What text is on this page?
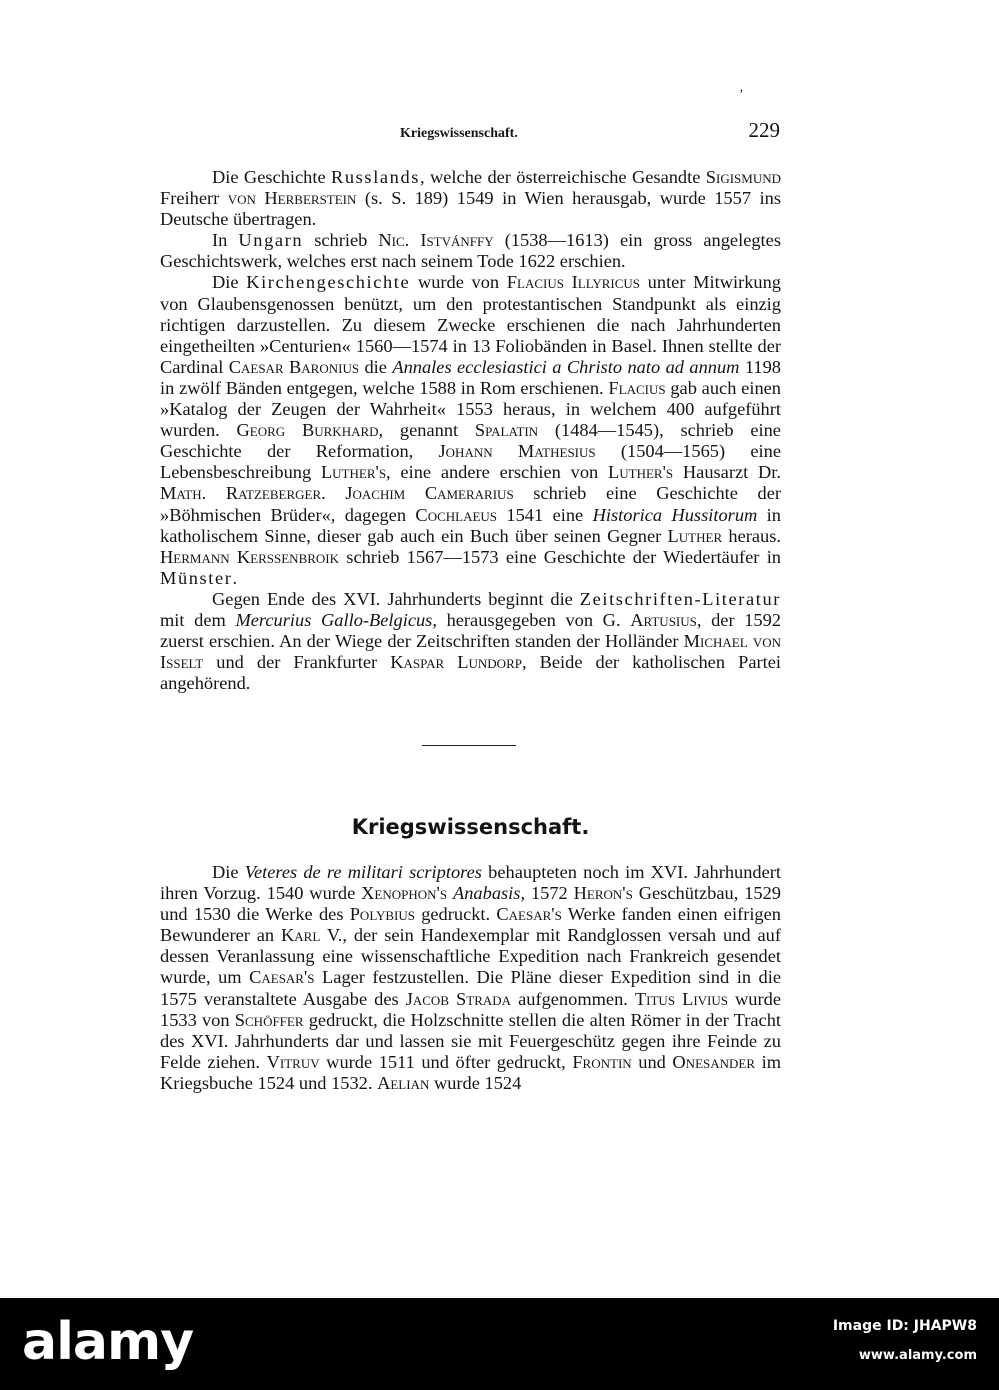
‚
Kriegswissenschaft.	229

Die Geschichte Russlands, welche der österreichische Gesandte Sigismund Freiherr von Herberstein (s. S. 189) 1549 in Wien herausgab, wurde 1557 ins Deutsche übertragen.

In Ungarn schrieb Nic. Istvánffy (1538—1613) ein gross angelegtes Geschichtswerk, welches erst nach seinem Tode 1622 erschien.

Die Kirchengeschichte wurde von Flacius Illyricus unter Mitwirkung von Glaubensgenossen benützt, um den protestantischen Standpunkt als einzig richtigen darzustellen. Zu diesem Zwecke erschienen die nach Jahrhunderten eingetheilten »Centurien« 1560—1574 in 13 Foliobänden in Basel. Ihnen stellte der Cardinal Caesar Baronius die Annales ecclesiastici a Christo nato ad annum 1198 in zwölf Bänden entgegen, welche 1588 in Rom erschienen. Flacius gab auch einen »Katalog der Zeugen der Wahrheit« 1553 heraus, in welchem 400 aufgeführt wurden. Georg Burkhard, genannt Spalatin (1484—1545), schrieb eine Geschichte der Reformation, Johann Mathesius (1504—1565) eine Lebensbeschreibung Luther's, eine andere erschien von Luther's Hausarzt Dr. Math. Ratzeberger. Joachim Camerarius schrieb eine Geschichte der »Böhmischen Brüder«, dagegen Cochlaeus 1541 eine Historica Hussitorum in katholischem Sinne, dieser gab auch ein Buch über seinen Gegner Luther heraus. Hermann Kerssenbroik schrieb 1567—1573 eine Geschichte der Wiedertäufer in Münster.

Gegen Ende des XVI. Jahrhunderts beginnt die Zeitschriften-Literatur mit dem Mercurius Gallo-Belgicus, herausgegeben von G. Artusius, der 1592 zuerst erschien. An der Wiege der Zeitschriften standen der Holländer Michael von Isselt und der Frankfurter Kaspar Lundorp, Beide der katholischen Partei angehörend.

Kriegswissenschaft.

Die Veteres de re militari scriptores behaupteten noch im XVI. Jahrhundert ihren Vorzug. 1540 wurde Xenophon's Anabasis, 1572 Heron's Geschützbau, 1529 und 1530 die Werke des Polybius gedruckt. Caesar's Werke fanden einen eifrigen Bewunderer an Karl V., der sein Handexemplar mit Randglossen versah und auf dessen Veranlassung eine wissenschaftliche Expedition nach Frankreich gesendet wurde, um Caesar's Lager festzustellen. Die Pläne dieser Expedition sind in die 1575 veranstaltete Ausgabe des Jacob Strada aufgenommen. Titus Livius wurde 1533 von Schöffer gedruckt, die Holzschnitte stellen die alten Römer in der Tracht des XVI. Jahrhunderts dar und lassen sie mit Feuergeschütz gegen ihre Feinde zu Felde ziehen. Vitruv wurde 1511 und öfter gedruckt, Frontin und Onesander im Kriegsbuche 1524 und 1532. Aelian wurde 1524

alamy	Image ID: JHAPW8
www.alamy.com
